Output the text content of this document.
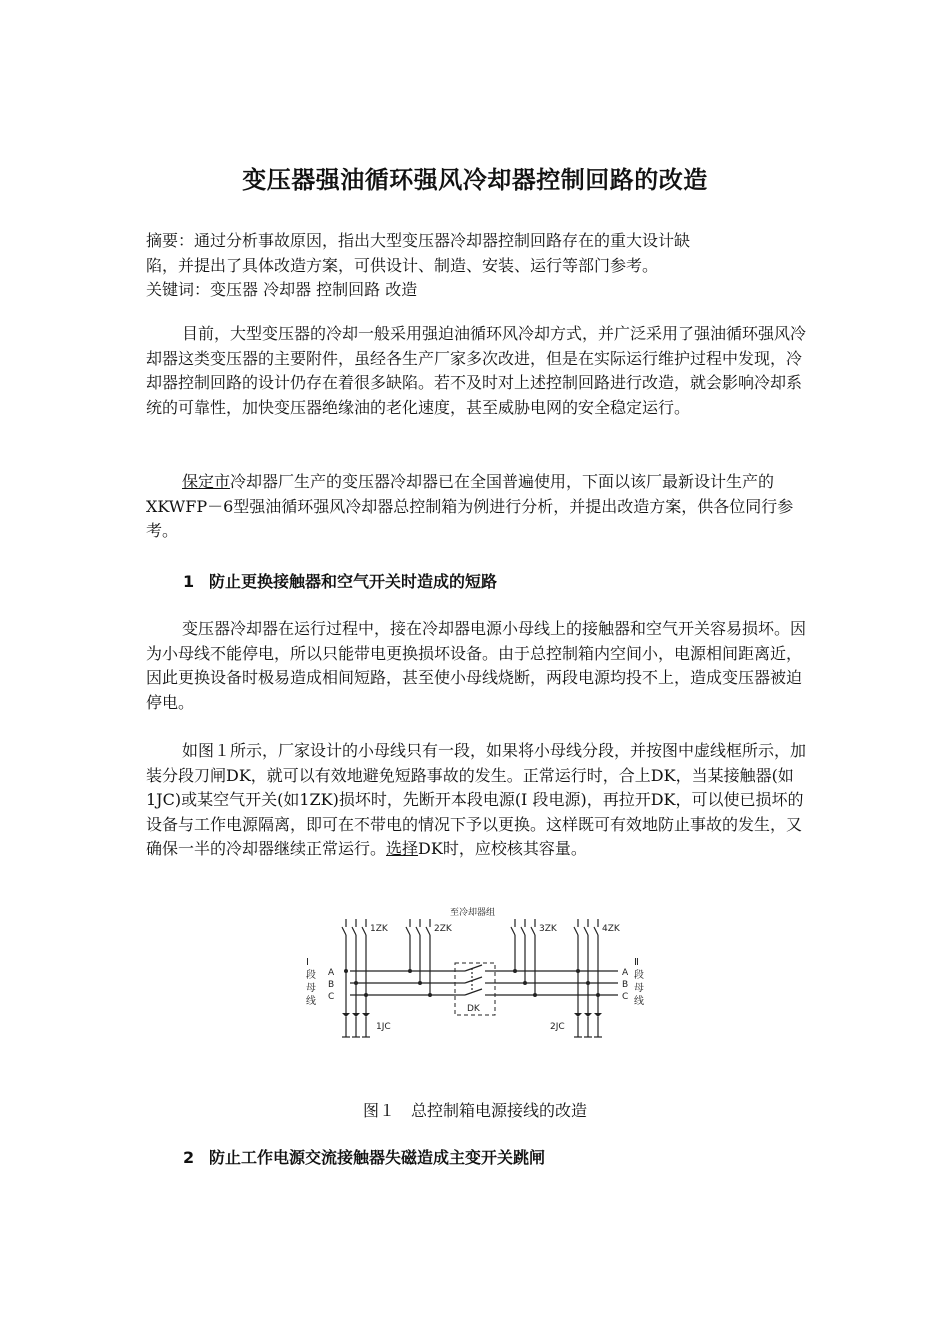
变压器强油循环强风冷却器控制回路的改造

摘要：通过分析事故原因，指出大型变压器冷却器控制回路存在的重大设计缺
陷，并提出了具体改造方案，可供设计、制造、安装、运行等部门参考。
关键词：变压器 冷却器 控制回路 改造

目前，大型变压器的冷却一般采用强迫油循环风冷却方式，并广泛采用了强油循环强风冷却器这类变压器的主要附件，虽经各生产厂家多次改进，但是在实际运行维护过程中发现，冷却器控制回路的设计仍存在着很多缺陷。若不及时对上述控制回路进行改造，就会影响冷却系统的可靠性，加快变压器绝缘油的老化速度，甚至威胁电网的安全稳定运行。

保定市冷却器厂生产的变压器冷却器已在全国普遍使用，下面以该厂最新设计生产的XKWFP－6型强油循环强风冷却器总控制箱为例进行分析，并提出改造方案，供各位同行参考。

1 防止更换接触器和空气开关时造成的短路

变压器冷却器在运行过程中，接在冷却器电源小母线上的接触器和空气开关容易损坏。因为小母线不能停电，所以只能带电更换损坏设备。由于总控制箱内空间小，电源相间距离近，因此更换设备时极易造成相间短路，甚至使小母线烧断，两段电源均投不上，造成变压器被迫停电。

如图１所示，厂家设计的小母线只有一段，如果将小母线分段，并按图中虚线框所示，加装分段刀闸DK，就可以有效地避免短路事故的发生。正常运行时，合上DK，当某接触器(如1JC)或某空气开关(如1ZK)损坏时，先断开本段电源(Ⅰ 段电源)，再拉开DK，可以使已损坏的设备与工作电源隔离，即可在不带电的情况下予以更换。这样既可有效地防止事故的发生，又确保一半的冷却器继续正常运行。选择DK时，应校核其容量。

至冷却器组
1ZK	2ZK	3ZK	4ZK
Ⅰ
段
母
线
A
B
C
A
B
C
Ⅱ
段
母
线
DK
1JC	2JC
图１　总控制箱电源接线的改造

2 防止工作电源交流接触器失磁造成主变开关跳闸
